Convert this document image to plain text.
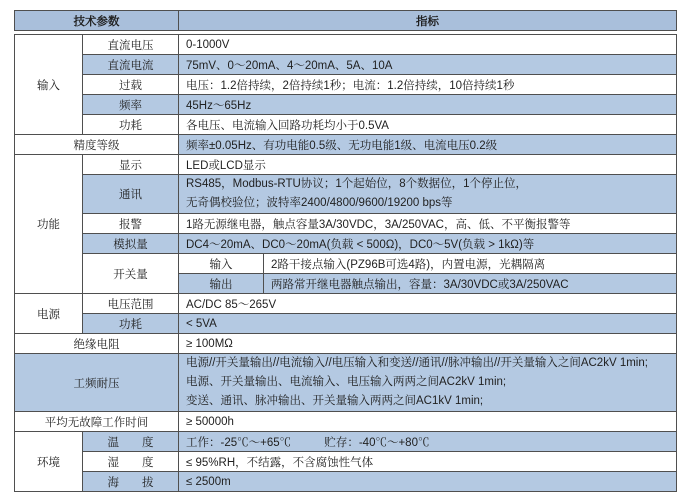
技术参数	指标
输入	直流电压	0-1000V	
	直流电流	75mV、0～20mA、4～20mA、5A、10A	
	过载	电压：1.2倍持续，2倍持续1秒；电流：1.2倍持续，10倍持续1秒	
	频率	45Hz～65Hz	
	功耗	各电压、电流输入回路功耗均小于0.5VA	
精度等级		频率±0.05Hz、有功电能0.5级、无功电能1级、电流电压0.2级	
功能	显示	LED或LCD显示	
	通讯	RS485，Modbus-RTU协议；1个起始位，8个数据位，1个停止位，
无奇偶校验位；波特率2400/4800/9600/19200 bps等	

	报警	1路无源继电器，触点容量3A/30VDC，3A/250VAC，高、低、不平衡报警等	
	模拟量	DC4～20mA、DC0～20mA(负载 < 500Ω)，DC0～5V(负载 > 1kΩ)等	
	开关量	输入	2路干接点输入(PZ96B可选4路)，内置电源，光耦隔离
		输出	两路常开继电器触点输出，容量：3A/30VDC或3A/250VAC
电源	电压范围	AC/DC 85～265V	
	功耗	< 5VA	
绝缘电阻		≥ 100MΩ	
工频耐压		电源//开关量输出//电流输入//电压输入和变送//通讯//脉冲输出//开关量输入之间AC2kV 1min;
电源、开关量输出、电流输入、电压输入两两之间AC2kV 1min;
变送、通讯、脉冲输出、开关量输入两两之间AC1kV 1min;	

平均无故障工作时间		≥ 50000h	
环境	温　　度	工作：-25℃～+65℃ 贮存：-40℃～+80℃	
	湿　　度	≤ 95%RH，不结露，不含腐蚀性气体	
	海　　拔	≤ 2500m	
